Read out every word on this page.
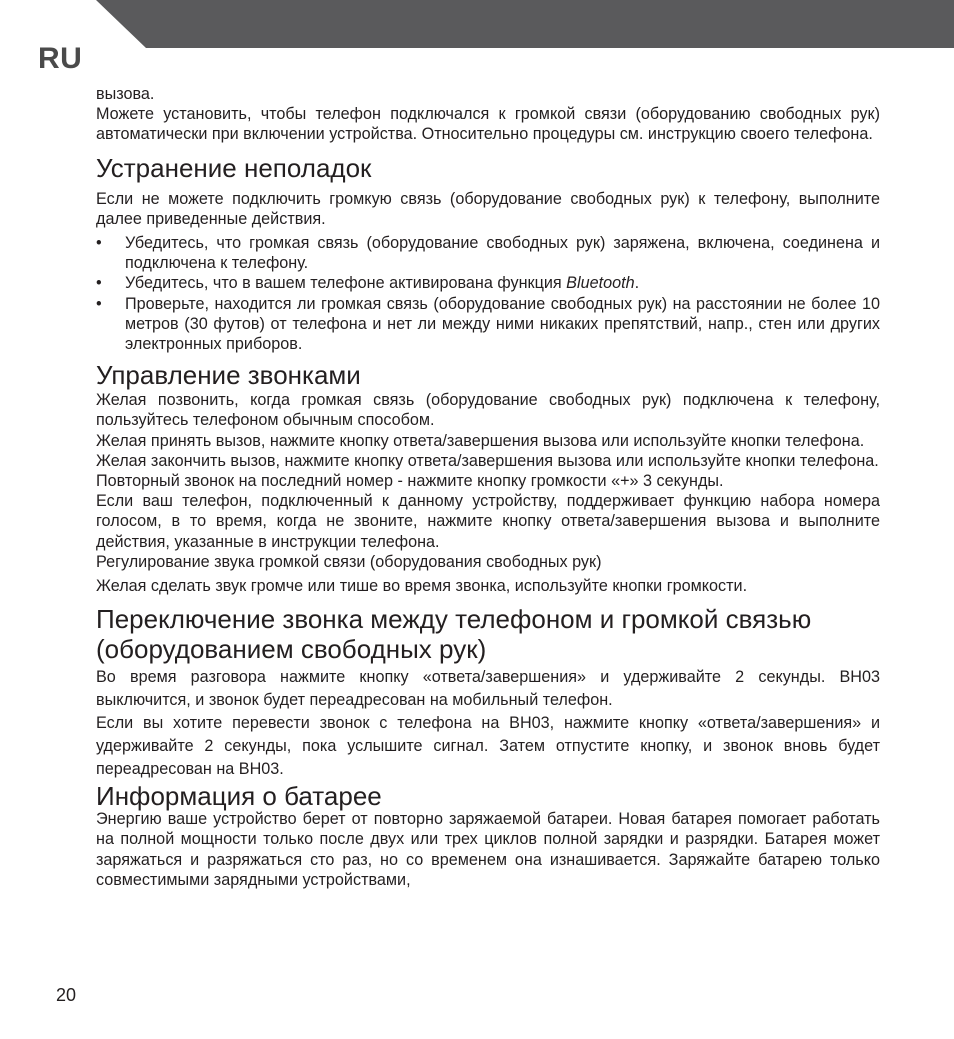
RU

вызова.

Можете установить, чтобы телефон подключался к громкой связи (оборудованию свободных рук) автоматически при включении устройства. Относительно процедуры см. инструкцию своего телефона.

Устранение неполадок

Если не можете подключить громкую связь (оборудование свободных рук) к телефону, выполните далее приведенные действия.

• Убедитесь, что громкая связь (оборудование свободных рук) заряжена, включена, соединена и подключена к телефону.
• Убедитесь, что в вашем телефоне активирована функция Bluetooth.
• Проверьте, находится ли громкая связь (оборудование свободных рук) на расстоянии не более 10 метров (30 футов) от телефона и нет ли между ними никаких препятствий, напр., стен или других электронных приборов.
Управление звонками

Желая позвонить, когда громкая связь (оборудование свободных рук) подключена к телефону, пользуйтесь телефоном обычным способом.

Желая принять вызов, нажмите кнопку ответа/завершения вызова или используйте кнопки телефона.

Желая закончить вызов, нажмите кнопку ответа/завершения вызова или используйте кнопки телефона.

Повторный звонок на последний номер - нажмите кнопку громкости «+» 3 секунды.

Если ваш телефон, подключенный к данному устройству, поддерживает функцию набора номера голосом, в то время, когда не звоните, нажмите кнопку ответа/завершения вызова и выполните действия, указанные в инструкции телефона.

Регулирование звука громкой связи (оборудования свободных рук)

Желая сделать звук громче или тише во время звонка, используйте кнопки громкости.

Переключение звонка между телефоном и громкой связью (оборудованием свободных рук)

Во время разговора нажмите кнопку «ответа/завершения» и удерживайте 2 секунды. BH03 выключится, и звонок будет переадресован на мобильный телефон.

Если вы хотите перевести звонок с телефона на BH03, нажмите кнопку «ответа/завершения» и удерживайте 2 секунды, пока услышите сигнал. Затем отпустите кнопку, и звонок вновь будет переадресован на BH03.

Информация о батарее

Энергию ваше устройство берет от повторно заряжаемой батареи. Новая батарея помогает работать на полной мощности только после двух или трех циклов полной зарядки и разрядки. Батарея может заряжаться и разряжаться сто раз, но со временем она изнашивается. Заряжайте батарею только совместимыми зарядными устройствами,

20
